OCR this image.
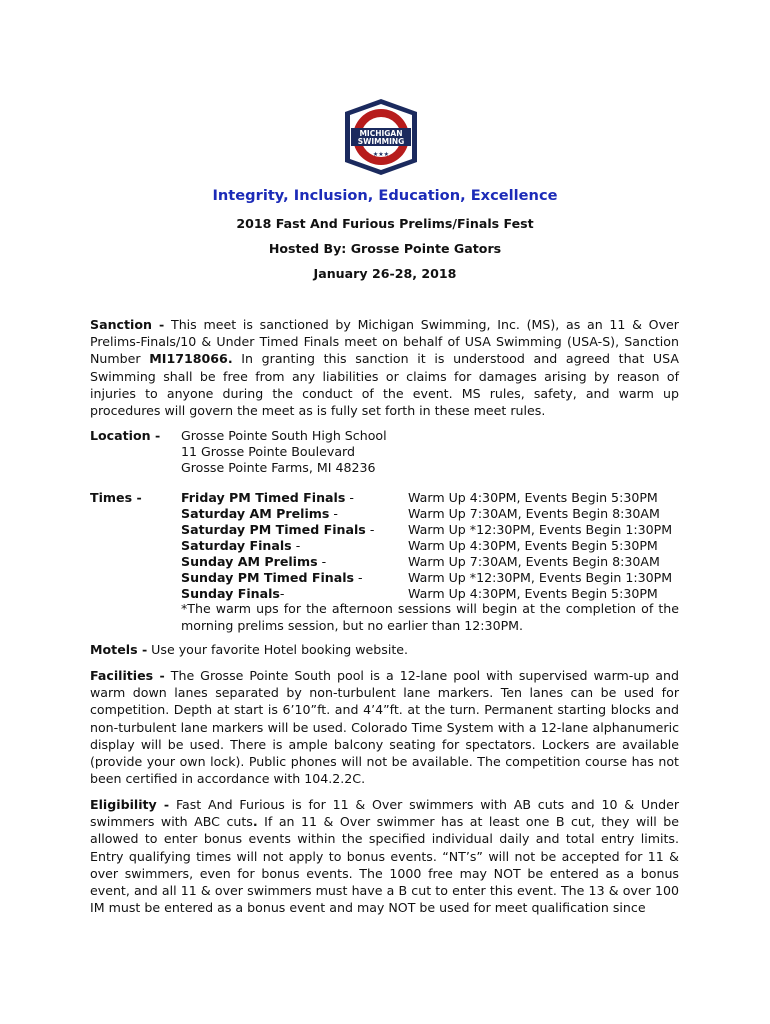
MICHIGAN
SWIMMING
★★★
Integrity, Inclusion, Education, Excellence
2018 Fast And Furious Prelims/Finals Fest
Hosted By: Grosse Pointe Gators
January 26-28, 2018
Sanction - This meet is sanctioned by Michigan Swimming, Inc. (MS), as an 11 & Over Prelims-Finals/10 & Under Timed Finals meet on behalf of USA Swimming (USA-S), Sanction Number MI1718066. In granting this sanction it is understood and agreed that USA Swimming shall be free from any liabilities or claims for damages arising by reason of injuries to anyone during the conduct of the event. MS rules, safety, and warm up procedures will govern the meet as is fully set forth in these meet rules.
Location - Grosse Pointe South High School
11 Grosse Pointe Boulevard
Grosse Pointe Farms, MI 48236
Times -	Friday PM Timed Finals -
Saturday AM Prelims -
Saturday PM Timed Finals -
Saturday Finals -
Sunday AM Prelims -
Sunday PM Timed Finals -
Sunday Finals-
Warm Up 4:30PM, Events Begin 5:30PM
Warm Up 7:30AM, Events Begin 8:30AM
Warm Up *12:30PM, Events Begin 1:30PM
Warm Up 4:30PM, Events Begin 5:30PM
Warm Up 7:30AM, Events Begin 8:30AM
Warm Up *12:30PM, Events Begin 1:30PM
Warm Up 4:30PM, Events Begin 5:30PM
*The warm ups for the afternoon sessions will begin at the completion of the morning prelims session, but no earlier than 12:30PM.
Motels - Use your favorite Hotel booking website.
Facilities - The Grosse Pointe South pool is a 12-lane pool with supervised warm-up and warm down lanes separated by non-turbulent lane markers. Ten lanes can be used for competition. Depth at start is 6’10”ft. and 4’4”ft. at the turn. Permanent starting blocks and non-turbulent lane markers will be used. Colorado Time System with a 12-lane alphanumeric display will be used. There is ample balcony seating for spectators. Lockers are available (provide your own lock). Public phones will not be available. The competition course has not been certified in accordance with 104.2.2C.
Eligibility - Fast And Furious is for 11 & Over swimmers with AB cuts and 10 & Under swimmers with ABC cuts. If an 11 & Over swimmer has at least one B cut, they will be allowed to enter bonus events within the specified individual daily and total entry limits. Entry qualifying times will not apply to bonus events. “NT’s” will not be accepted for 11 & over swimmers, even for bonus events. The 1000 free may NOT be entered as a bonus event, and all 11 & over swimmers must have a B cut to enter this event. The 13 & over 100 IM must be entered as a bonus event and may NOT be used for meet qualification since
